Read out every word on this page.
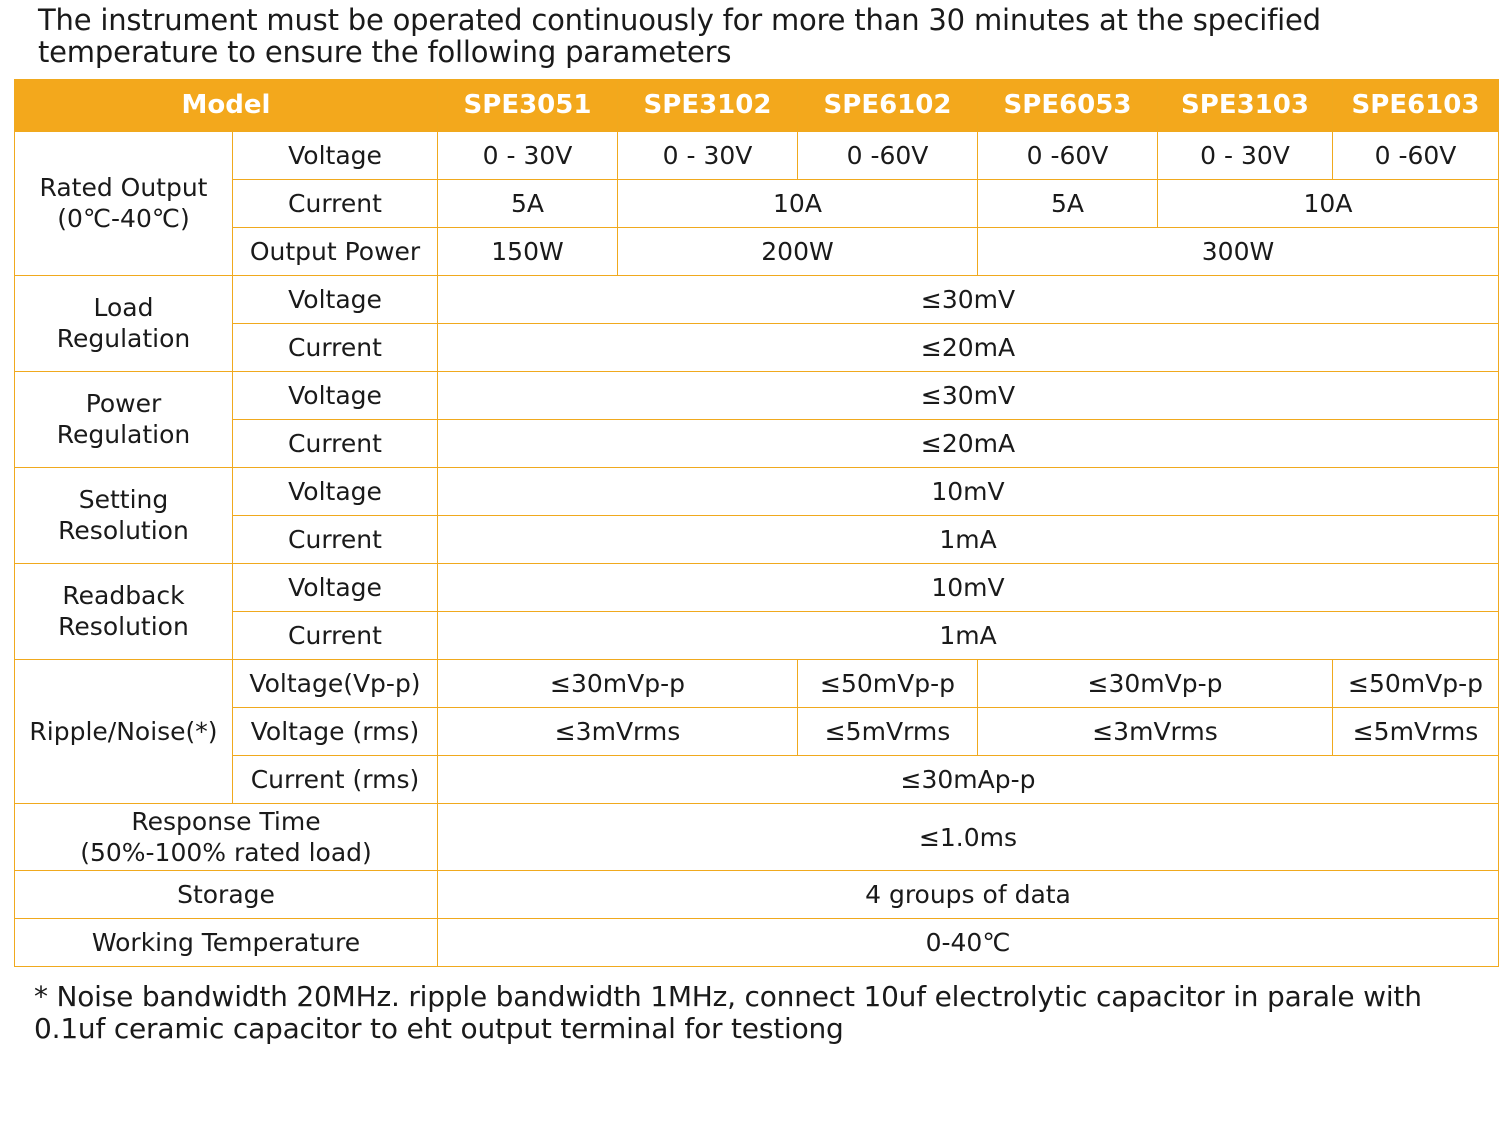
The instrument must be operated continuously for more than 30 minutes at the specified temperature to ensure the following parameters
Model		SPE3051	SPE3102	SPE6102	SPE6053	SPE3103	SPE6103

Rated Output
(0℃-40℃)	Voltage	0 - 30V	0 - 30V	0 -60V	0 -60V	0 - 30V	0 -60V
	Current	5A	10A		5A	10A	
	Output Power	150W	200W		300W		

Load
Regulation	Voltage	≤30mV					
	Current	≤20mA					

Power
Regulation	Voltage	≤30mV					
	Current	≤20mA					

Setting
Resolution	Voltage	10mV					
	Current	1mA					

Readback
Resolution	Voltage	10mV					
	Current	1mA					
Ripple/Noise(*)	Voltage(Vp-p)	≤30mVp-p		≤50mVp-p	≤30mVp-p		≤50mVp-p
	Voltage (rms)	≤3mVrms		≤5mVrms	≤3mVrms		≤5mVrms
	Current (rms)	≤30mAp-p					

Response Time
(50%-100% rated load)		≤1.0ms					
Storage		4 groups of data					
Working Temperature		0-40℃					
* Noise bandwidth 20MHz. ripple bandwidth 1MHz, connect 10uf electrolytic capacitor in parale with 0.1uf ceramic capacitor to eht output terminal for testiong
